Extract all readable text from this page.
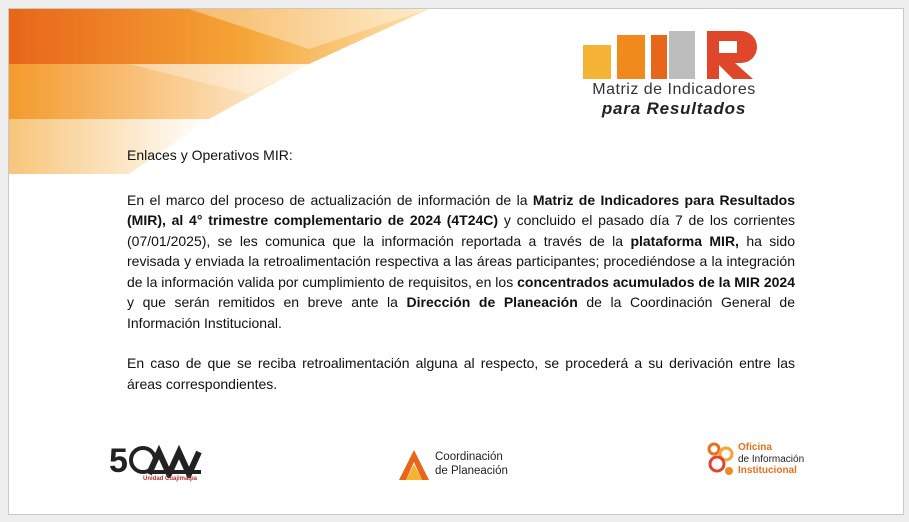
Matriz de Indicadores
para Resultados

Enlaces y Operativos MIR:

En el marco del proceso de actualización de información de la Matriz de Indicadores para Resultados (MIR), al 4° trimestre complementario de 2024 (4T24C) y concluido el pasado día 7 de los corrientes (07/01/2025), se les comunica que la información reportada a través de la plataforma MIR, ha sido revisada y enviada la retroalimentación respectiva a las áreas participantes; procediéndose a la integración de la información valida por cumplimiento de requisitos, en los concentrados acumulados de la MIR 2024 y que serán remitidos en breve ante la Dirección de Planeación de la Coordinación General de Información Institucional.

En caso de que se reciba retroalimentación alguna al respecto, se procederá a su derivación entre las áreas correspondientes.

5	Unidad Cuajimalpa
Coordinación
de Planeación
Oficina
de Información
Institucional
